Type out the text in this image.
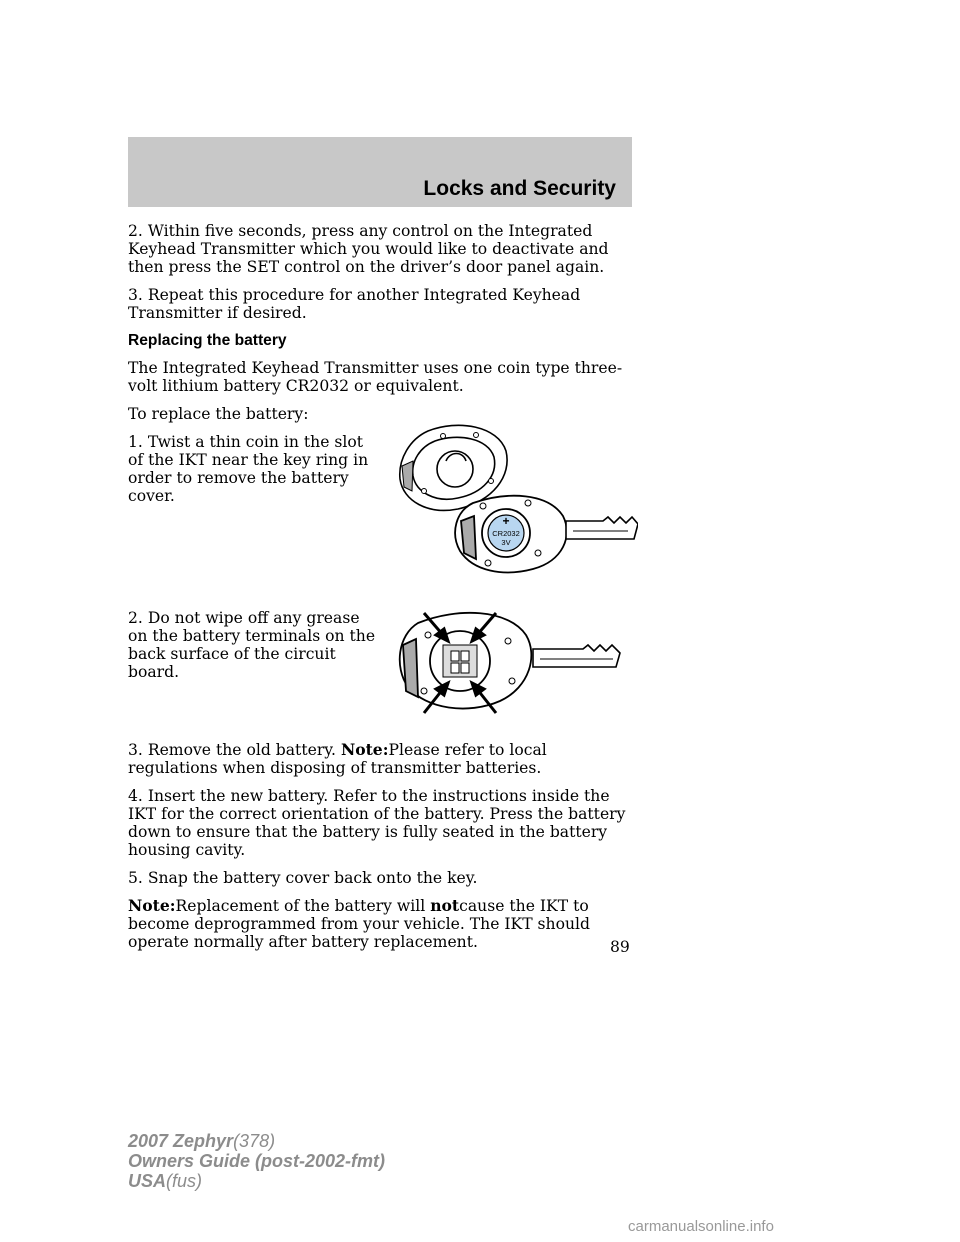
Locks and Security

2. Within five seconds, press any control on the Integrated Keyhead Transmitter which you would like to deactivate and then press the SET control on the driver’s door panel again.

3. Repeat this procedure for another Integrated Keyhead Transmitter if desired.

Replacing the battery

The Integrated Keyhead Transmitter uses one coin type three-volt lithium battery CR2032 or equivalent.

To replace the battery:

1. Twist a thin coin in the slot of the IKT near the key ring in order to remove the battery cover.

+
CR2032
3V

2. Do not wipe off any grease on the battery terminals on the back surface of the circuit board.

3. Remove the old battery. Note:Please refer to local regulations when disposing of transmitter batteries.

4. Insert the new battery. Refer to the instructions inside the IKT for the correct orientation of the battery. Press the battery down to ensure that the battery is fully seated in the battery housing cavity.

5. Snap the battery cover back onto the key.

Note:Replacement of the battery will notcause the IKT to become deprogrammed from your vehicle. The IKT should operate normally after battery replacement.	89
2007 Zephyr(378)
Owners Guide (post-2002-fmt)
USA(fus)
carmanualsonline.info
